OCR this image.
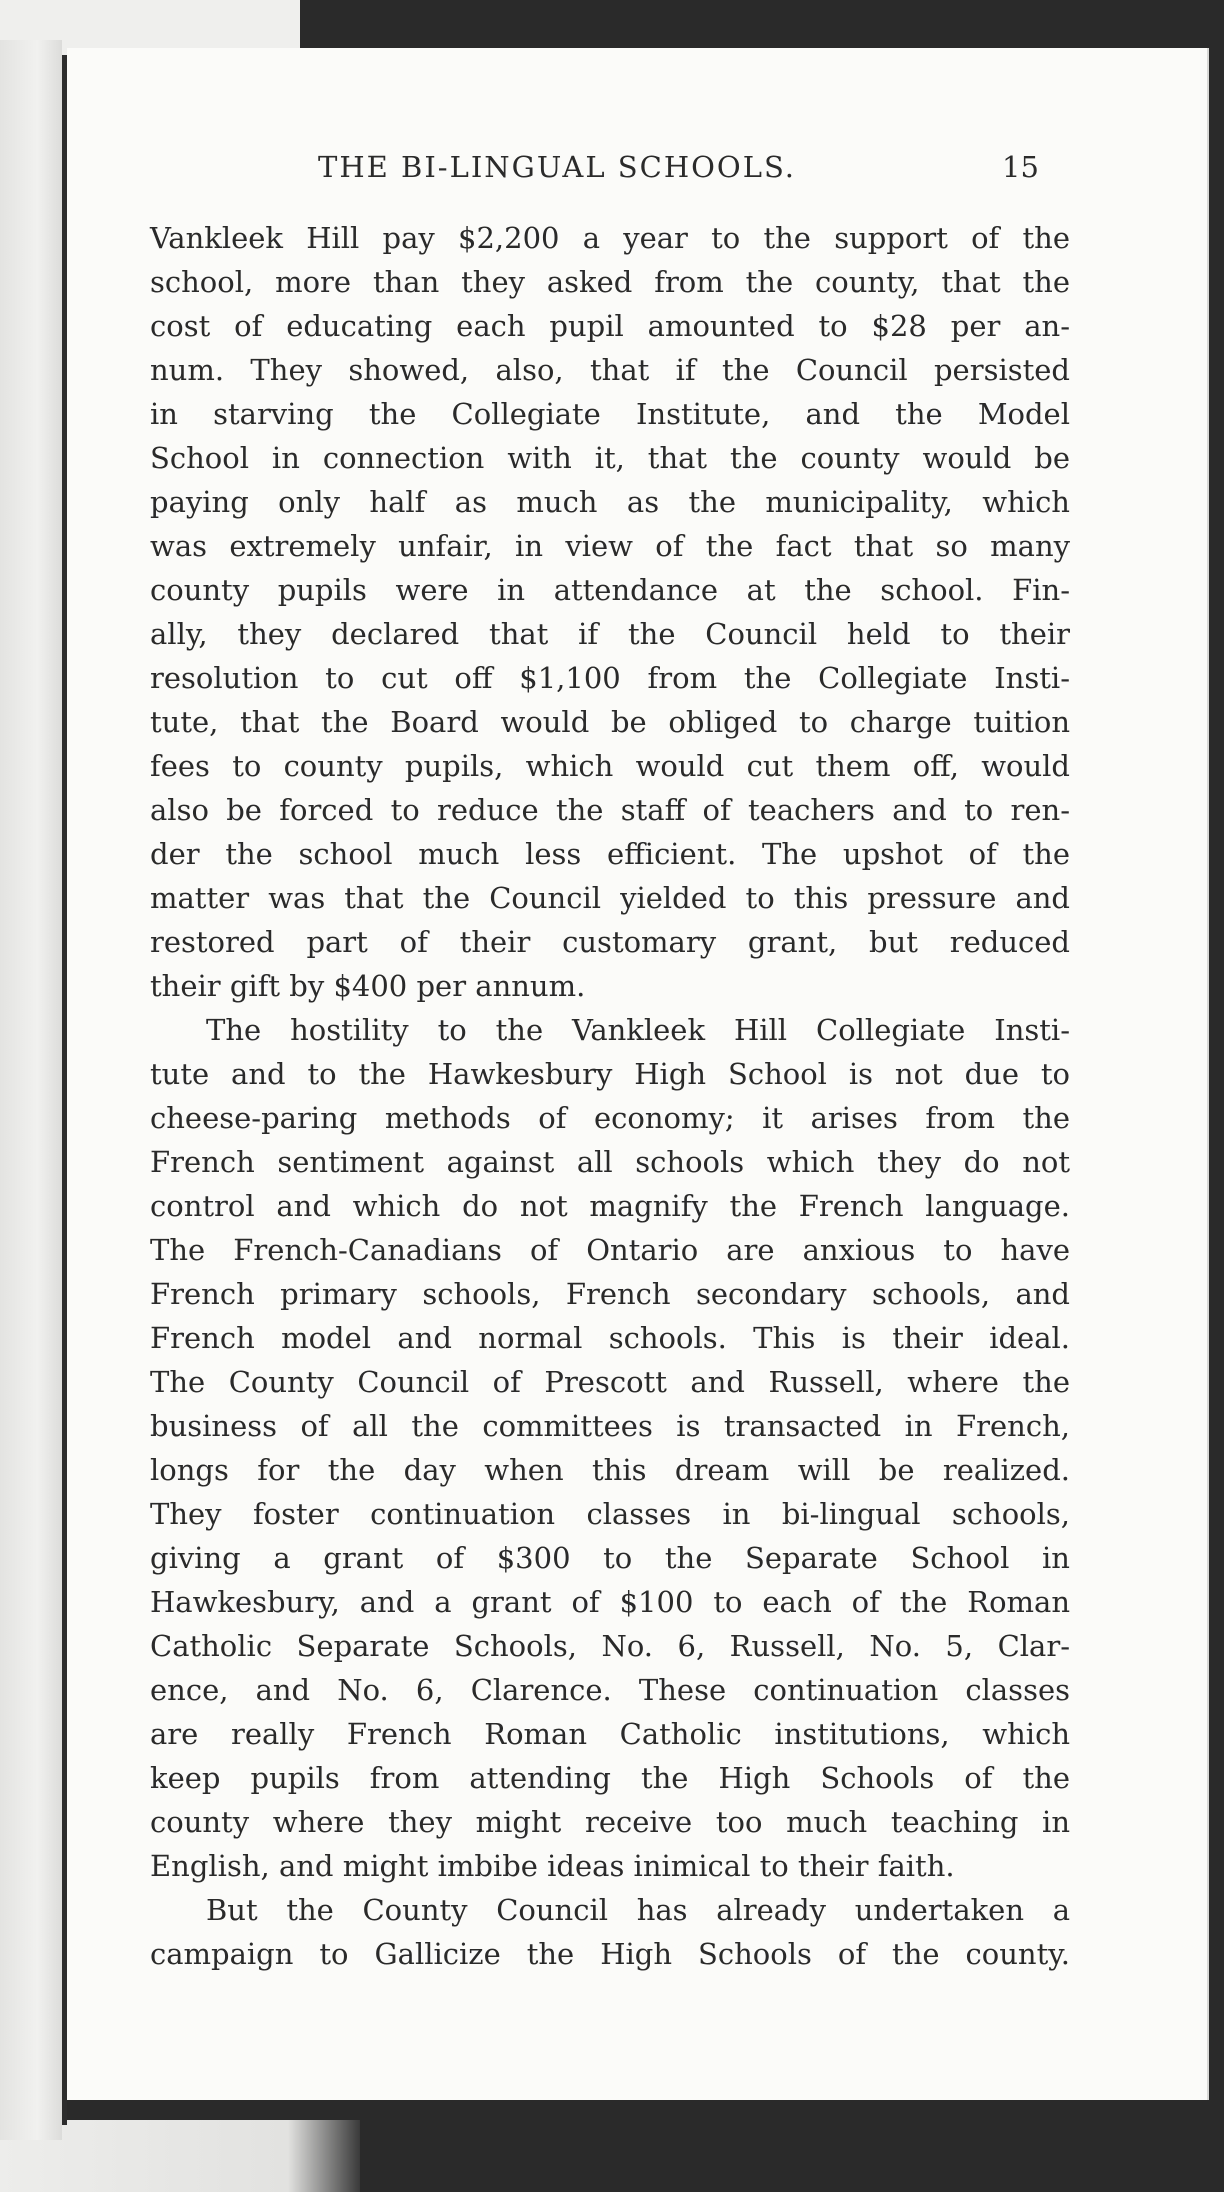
THE BI-LINGUAL SCHOOLS.	15
Vankleek Hill pay $2,200 a year to the support of the
school, more than they asked from the county, that the
cost of educating each pupil amounted to $28 per an-
num. They showed, also, that if the Council persisted
in starving the Collegiate Institute, and the Model
School in connection with it, that the county would be
paying only half as much as the municipality, which
was extremely unfair, in view of the fact that so many
county pupils were in attendance at the school. Fin-
ally, they declared that if the Council held to their
resolution to cut off $1,100 from the Collegiate Insti-
tute, that the Board would be obliged to charge tuition
fees to county pupils, which would cut them off, would
also be forced to reduce the staff of teachers and to ren-
der the school much less efficient. The upshot of the
matter was that the Council yielded to this pressure and
restored part of their customary grant, but reduced
their gift by $400 per annum.
The hostility to the Vankleek Hill Collegiate Insti-
tute and to the Hawkesbury High School is not due to
cheese-paring methods of economy; it arises from the
French sentiment against all schools which they do not
control and which do not magnify the French language.
The French-Canadians of Ontario are anxious to have
French primary schools, French secondary schools, and
French model and normal schools. This is their ideal.
The County Council of Prescott and Russell, where the
business of all the committees is transacted in French,
longs for the day when this dream will be realized.
They foster continuation classes in bi-lingual schools,
giving a grant of $300 to the Separate School in
Hawkesbury, and a grant of $100 to each of the Roman
Catholic Separate Schools, No. 6, Russell, No. 5, Clar-
ence, and No. 6, Clarence. These continuation classes
are really French Roman Catholic institutions, which
keep pupils from attending the High Schools of the
county where they might receive too much teaching in
English, and might imbibe ideas inimical to their faith.
But the County Council has already undertaken a
campaign to Gallicize the High Schools of the county.
